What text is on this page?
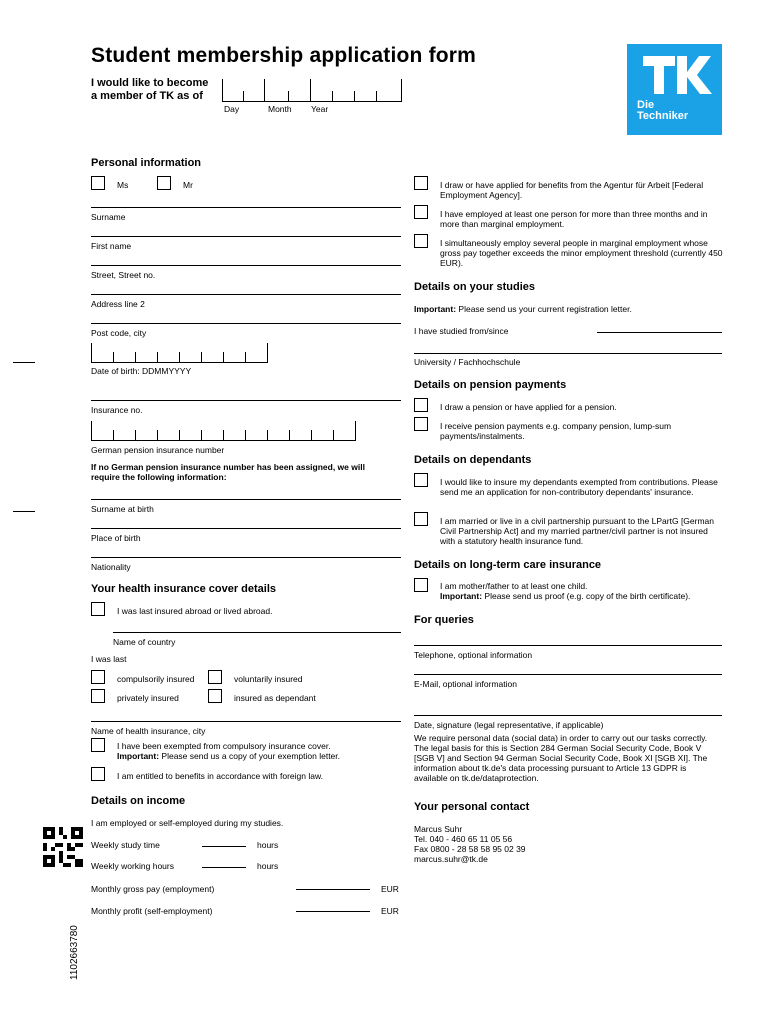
Student membership application form
I would like to become
a member of TK as of
Day	Month Year	Die
Techniker
Personal information
Ms	Mr
Surname
First name
Street, Street no.
Address line 2
Post code, city
Date of birth: DDMMYYYY
Insurance no.
German pension insurance number
If no German pension insurance number has been assigned, we will require the following information:
Surname at birth
Place of birth
Nationality
Your health insurance cover details
I was last insured abroad or lived abroad.
Name of country
I was last
compulsorily insured	voluntarily insured
privately insured	insured as dependant
Name of health insurance, city
I have been exempted from compulsory insurance cover.
Important: Please send us a copy of your exemption letter.
I am entitled to benefits in accordance with foreign law.
Details on income
I am employed or self-employed during my studies.
Weekly study time	hours
Weekly working hours	hours
Monthly gross pay (employment)	EUR
Monthly profit (self-employment)	EUR
1102663780
I draw or have applied for benefits from the Agentur für Arbeit [Federal Employment Agency].
I have employed at least one person for more than three months and in more than marginal employment.
I simultaneously employ several people in marginal employment whose gross pay together exceeds the minor employment threshold (currently 450 EUR).
Details on your studies
Important: Please send us your current registration letter.
I have studied from/since
University / Fachhochschule
Details on pension payments
I draw a pension or have applied for a pension.
I receive pension payments e.g. company pension, lump-sum payments/instalments.
Details on dependants
I would like to insure my dependants exempted from contributions. Please send me an application for non-contributory dependants' insurance.
I am married or live in a civil partnership pursuant to the LPartG [German Civil Partnership Act] and my married partner/civil partner is not insured with a statutory health insurance fund.
Details on long-term care insurance
I am mother/father to at least one child.
Important: Please send us proof (e.g. copy of the birth certificate).
For queries
Telephone, optional information
E-Mail, optional information
Date, signature (legal representative, if applicable)
We require personal data (social data) in order to carry out our tasks correctly. The legal basis for this is Section 284 German Social Security Code, Book V [SGB V] and Section 94 German Social Security Code, Book XI [SGB XI]. The information about tk.de's data processing pursuant to Article 13 GDPR is available on tk.de/dataprotection.
Your personal contact
Marcus Suhr
Tel. 040 - 460 65 11 05 56
Fax 0800 - 28 58 58 95 02 39
marcus.suhr@tk.de
